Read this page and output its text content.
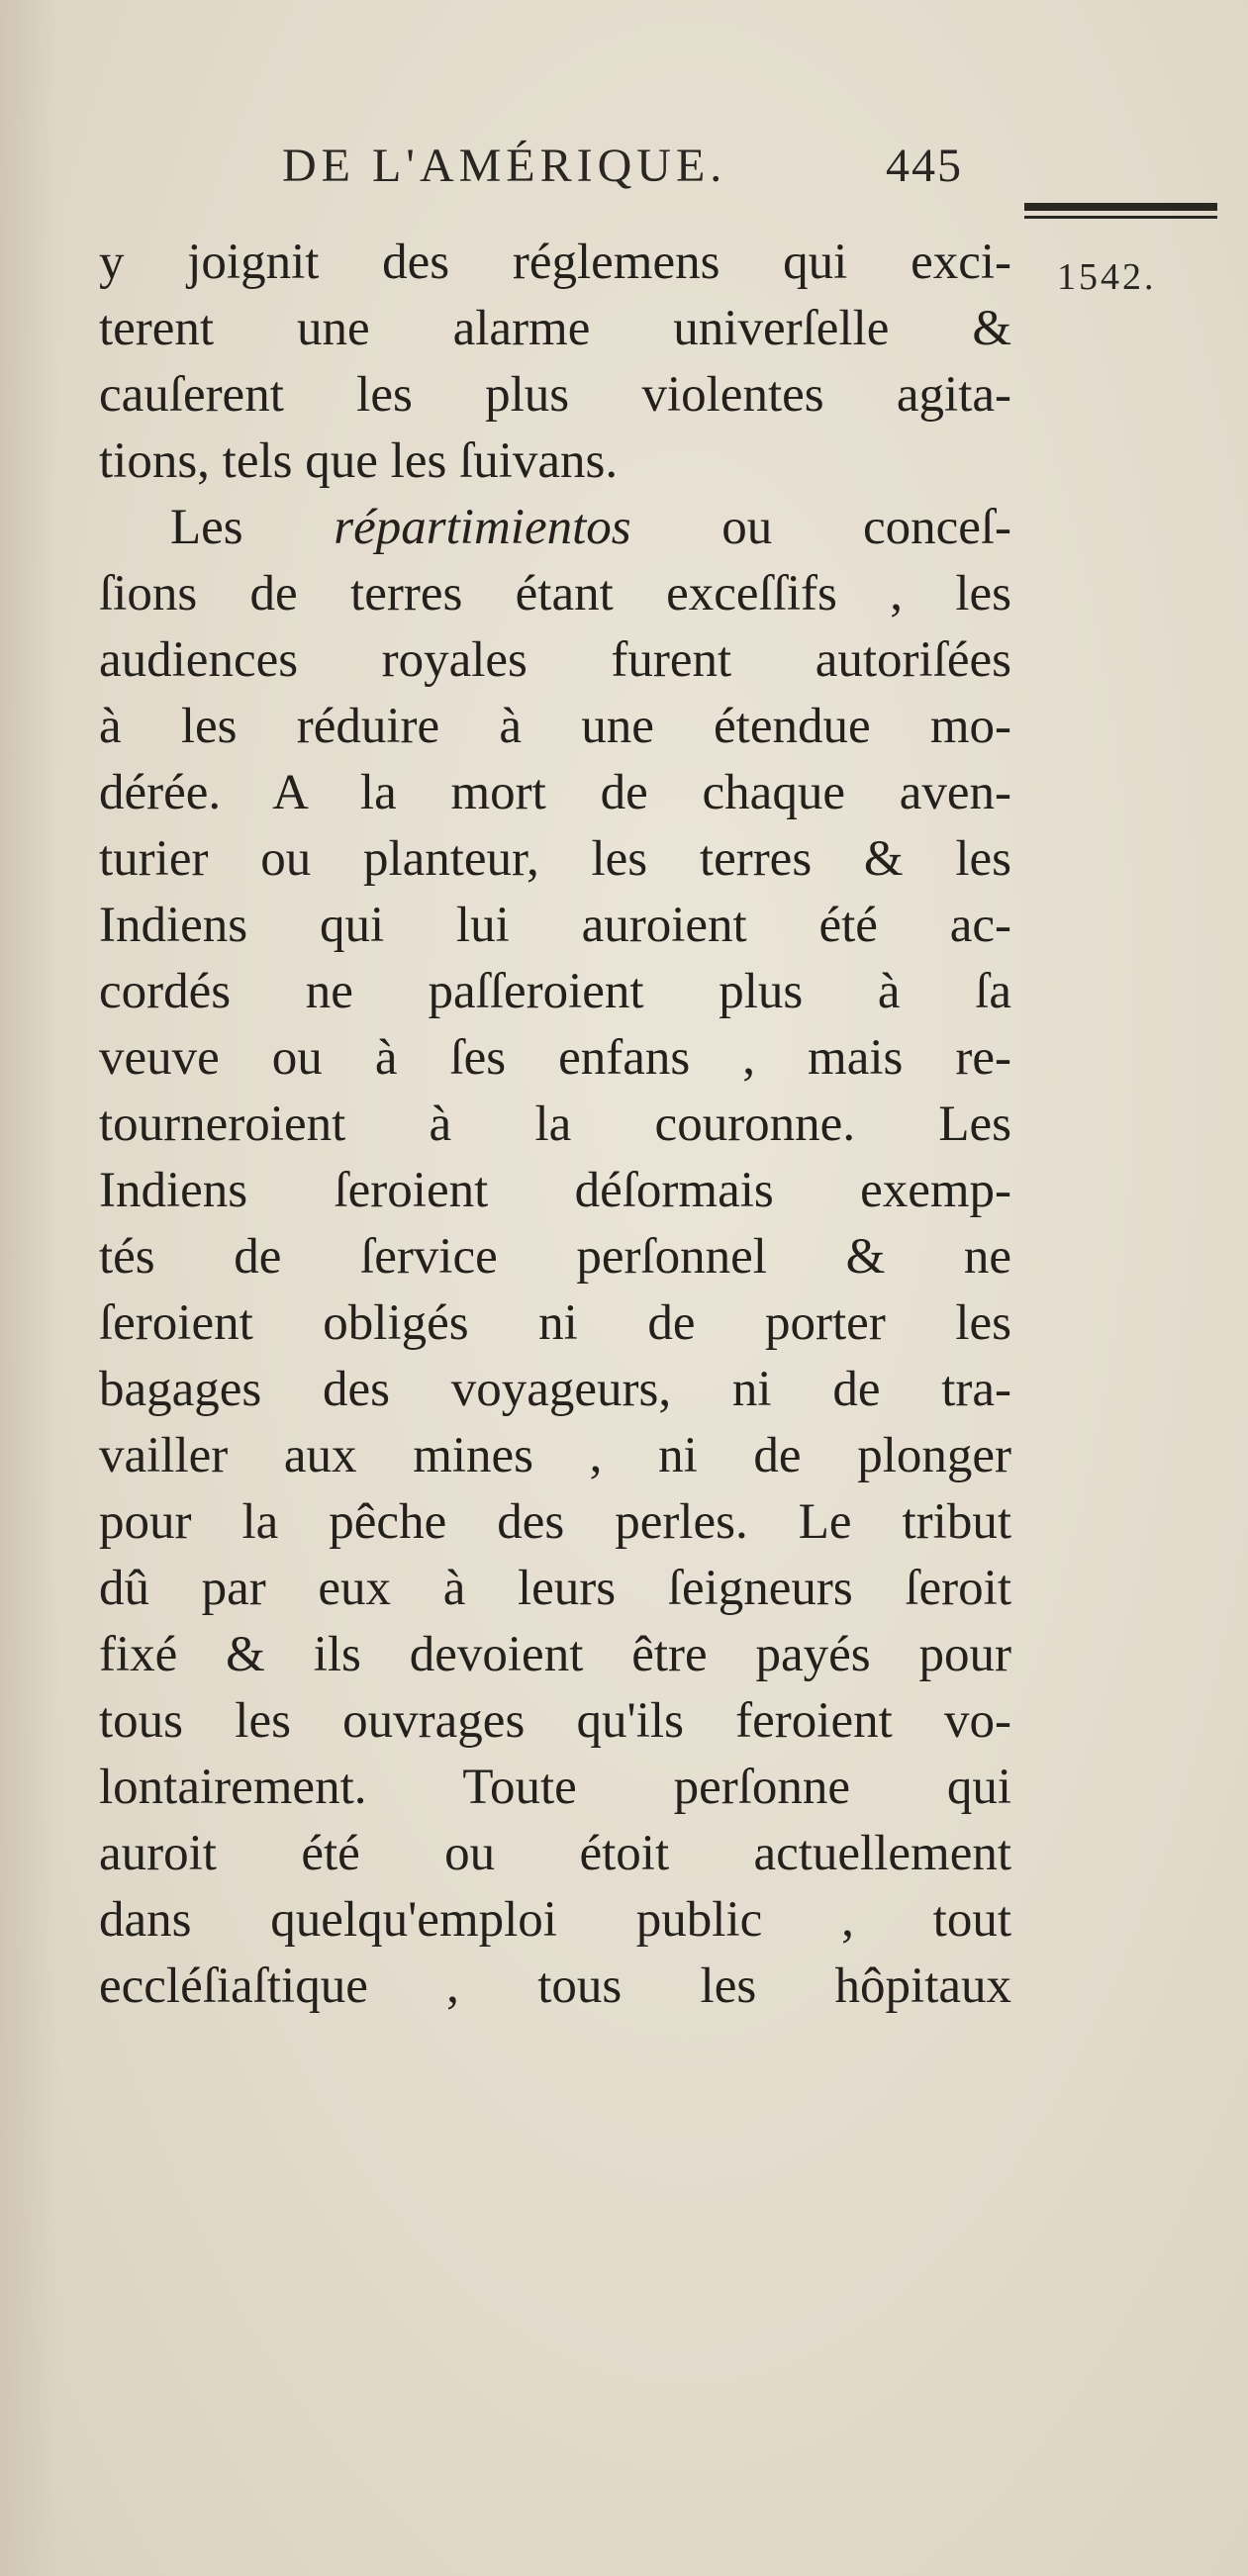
DE L'AMÉRIQUE.	445
1542.
y joignit des réglemens qui exci-
terent une alarme univerſelle &
cauſerent les plus violentes agita-
tions, tels que les ſuivans.
Les répartimientos ou conceſ-
ſions de terres étant exceſſifs , les
audiences royales furent autoriſées
à les réduire à une étendue mo-
dérée. A la mort de chaque aven-
turier ou planteur, les terres & les
Indiens qui lui auroient été ac-
cordés ne paſſeroient plus à ſa
veuve ou à ſes enfans , mais re-
tourneroient à la couronne. Les
Indiens ſeroient déſormais exemp-
tés de ſervice perſonnel & ne
ſeroient obligés ni de porter les
bagages des voyageurs, ni de tra-
vailler aux mines , ni de plonger
pour la pêche des perles. Le tribut
dû par eux à leurs ſeigneurs ſeroit
fixé & ils devoient être payés pour
tous les ouvrages qu'ils feroient vo-
lontairement. Toute perſonne qui
auroit été ou étoit actuellement
dans quelqu'emploi public , tout
eccléſiaſtique , tous les hôpitaux
